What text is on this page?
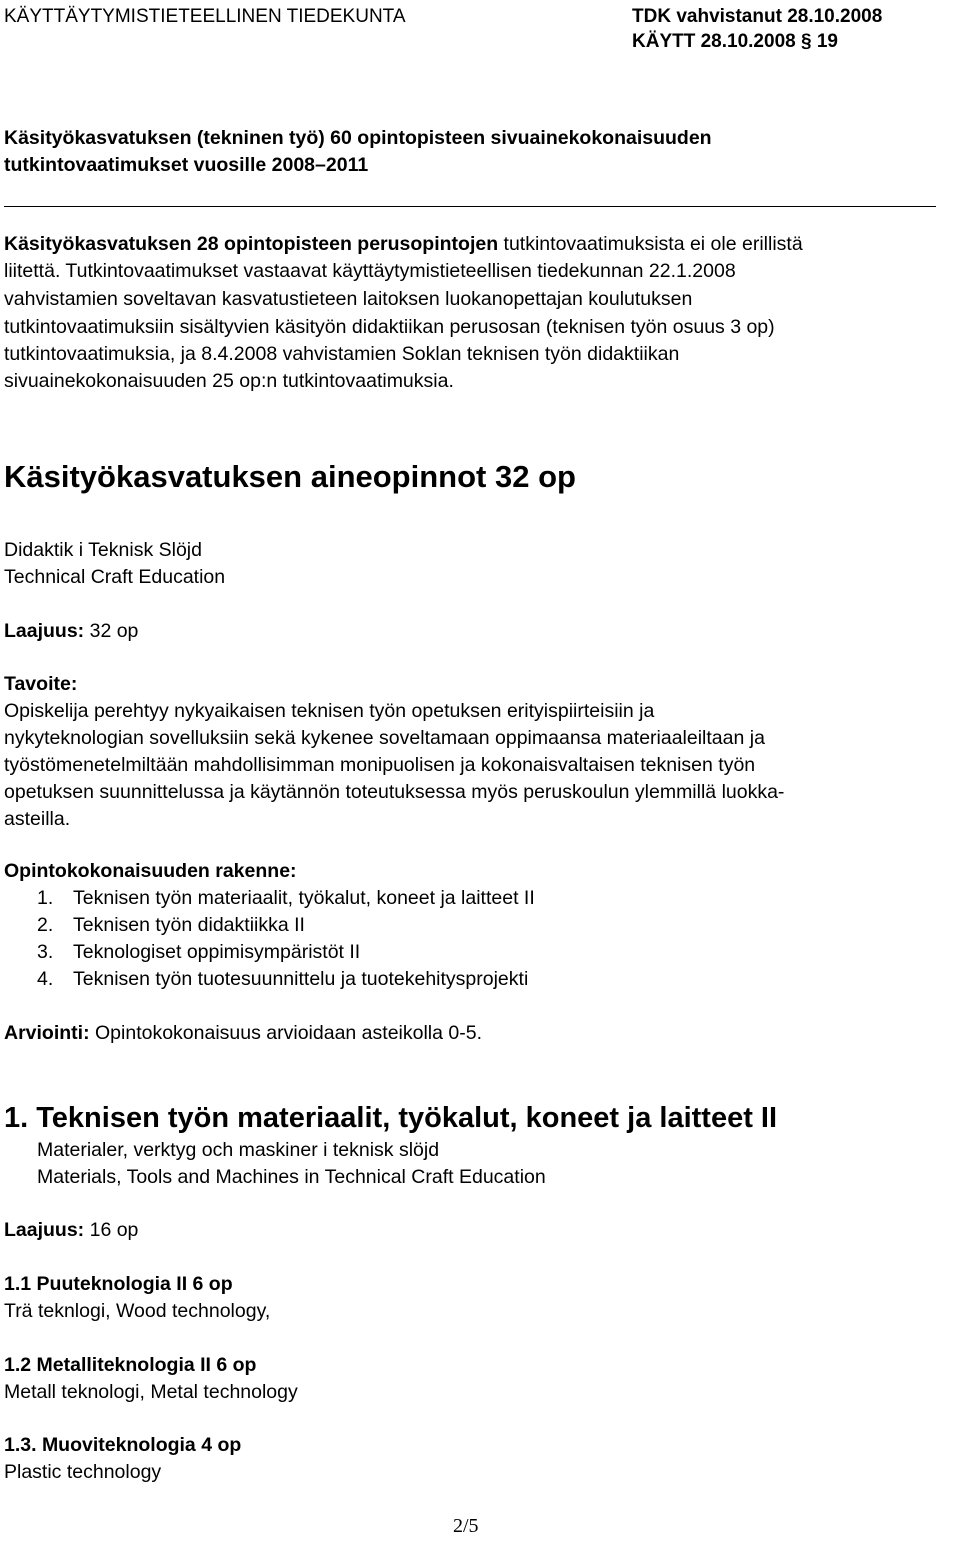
KÄYTTÄYTYMISTIETEELLINEN TIEDEKUNTA	TDK vahvistanut 28.10.2008
KÄYTT 28.10.2008 § 19
Käsityökasvatuksen (tekninen työ) 60 opintopisteen sivuainekokonaisuuden
tutkintovaatimukset vuosille 2008–2011
Käsityökasvatuksen 28 opintopisteen perusopintojen tutkintovaatimuksista ei ole erillistä
liitettä. Tutkintovaatimukset vastaavat käyttäytymistieteellisen tiedekunnan 22.1.2008
vahvistamien soveltavan kasvatustieteen laitoksen luokanopettajan koulutuksen
tutkintovaatimuksiin sisältyvien käsityön didaktiikan perusosan (teknisen työn osuus 3 op)
tutkintovaatimuksia, ja 8.4.2008 vahvistamien Soklan teknisen työn didaktiikan
sivuainekokonaisuuden 25 op:n tutkintovaatimuksia.
Käsityökasvatuksen aineopinnot 32 op
Didaktik i Teknisk Slöjd
Technical Craft Education
Laajuus: 32 op
Tavoite:
Opiskelija perehtyy nykyaikaisen teknisen työn opetuksen erityispiirteisiin ja
nykyteknologian sovelluksiin sekä kykenee soveltamaan oppimaansa materiaaleiltaan ja
työstömenetelmiltään mahdollisimman monipuolisen ja kokonaisvaltaisen teknisen työn
opetuksen suunnittelussa ja käytännön toteutuksessa myös peruskoulun ylemmillä luokka-
asteilla.
Opintokokonaisuuden rakenne:
1. Teknisen työn materiaalit, työkalut, koneet ja laitteet II
2. Teknisen työn didaktiikka II
3. Teknologiset oppimisympäristöt II
4. Teknisen työn tuotesuunnittelu ja tuotekehitysprojekti
Arviointi: Opintokokonaisuus arvioidaan asteikolla 0-5.
1. Teknisen työn materiaalit, työkalut, koneet ja laitteet II
Materialer, verktyg och maskiner i teknisk slöjd
Materials, Tools and Machines in Technical Craft Education
Laajuus: 16 op
1.1 Puuteknologia II 6 op
Trä teknlogi, Wood technology,
1.2 Metalliteknologia II 6 op
Metall teknologi, Metal technology
1.3. Muoviteknologia 4 op
Plastic technology
2/5
